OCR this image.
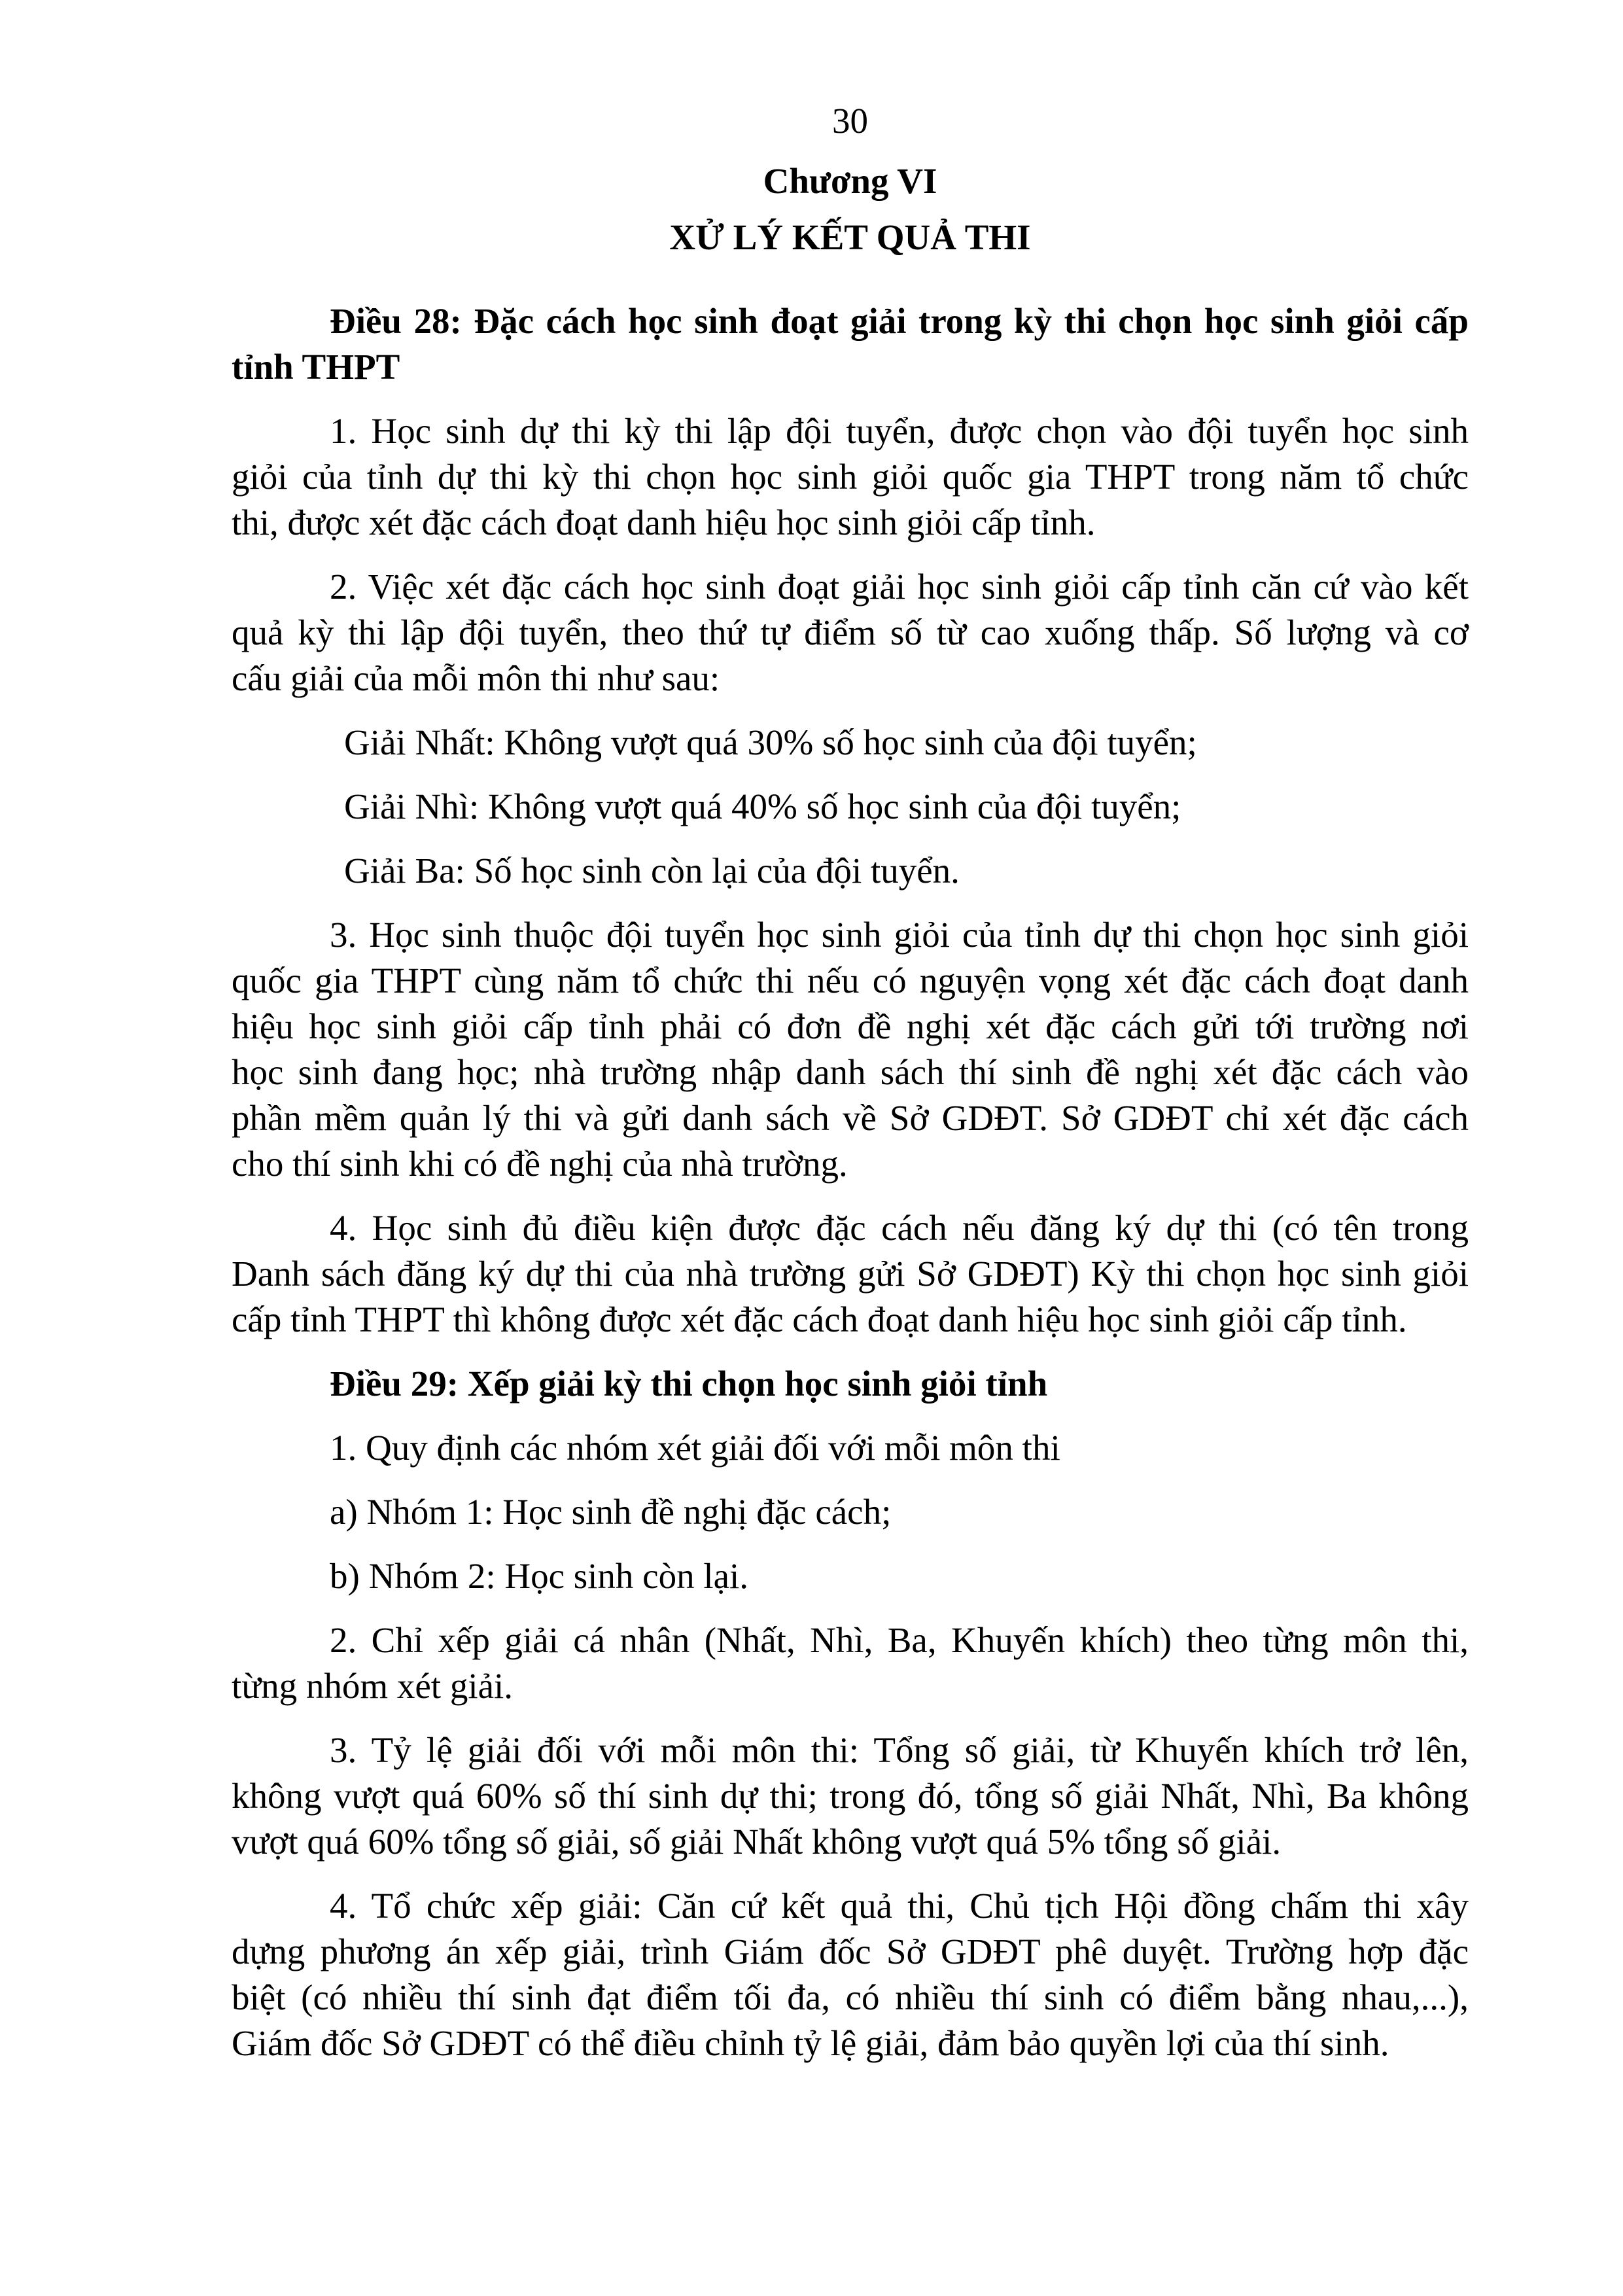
30
Chương VI
XỬ LÝ KẾT QUẢ THI
Điều 28: Đặc cách học sinh đoạt giải trong kỳ thi chọn học sinh giỏi cấp
tỉnh THPT
1. Học sinh dự thi kỳ thi lập đội tuyển, được chọn vào đội tuyển học sinh
giỏi của tỉnh dự thi kỳ thi chọn học sinh giỏi quốc gia THPT trong năm tổ chức
thi, được xét đặc cách đoạt danh hiệu học sinh giỏi cấp tỉnh.
2. Việc xét đặc cách học sinh đoạt giải học sinh giỏi cấp tỉnh căn cứ vào kết
quả kỳ thi lập đội tuyển, theo thứ tự điểm số từ cao xuống thấp. Số lượng và cơ
cấu giải của mỗi môn thi như sau:
Giải Nhất: Không vượt quá 30% số học sinh của đội tuyển;
Giải Nhì: Không vượt quá 40% số học sinh của đội tuyển;
Giải Ba: Số học sinh còn lại của đội tuyển.
3. Học sinh thuộc đội tuyển học sinh giỏi của tỉnh dự thi chọn học sinh giỏi
quốc gia THPT cùng năm tổ chức thi nếu có nguyện vọng xét đặc cách đoạt danh
hiệu học sinh giỏi cấp tỉnh phải có đơn đề nghị xét đặc cách gửi tới trường nơi
học sinh đang học; nhà trường nhập danh sách thí sinh đề nghị xét đặc cách vào
phần mềm quản lý thi và gửi danh sách về Sở GDĐT. Sở GDĐT chỉ xét đặc cách
cho thí sinh khi có đề nghị của nhà trường.
4. Học sinh đủ điều kiện được đặc cách nếu đăng ký dự thi (có tên trong
Danh sách đăng ký dự thi của nhà trường gửi Sở GDĐT) Kỳ thi chọn học sinh giỏi
cấp tỉnh THPT thì không được xét đặc cách đoạt danh hiệu học sinh giỏi cấp tỉnh.
Điều 29: Xếp giải kỳ thi chọn học sinh giỏi tỉnh
1. Quy định các nhóm xét giải đối với mỗi môn thi
a) Nhóm 1: Học sinh đề nghị đặc cách;
b) Nhóm 2: Học sinh còn lại.
2. Chỉ xếp giải cá nhân (Nhất, Nhì, Ba, Khuyến khích) theo từng môn thi,
từng nhóm xét giải.
3. Tỷ lệ giải đối với mỗi môn thi: Tổng số giải, từ Khuyến khích trở lên,
không vượt quá 60% số thí sinh dự thi; trong đó, tổng số giải Nhất, Nhì, Ba không
vượt quá 60% tổng số giải, số giải Nhất không vượt quá 5% tổng số giải.
4. Tổ chức xếp giải: Căn cứ kết quả thi, Chủ tịch Hội đồng chấm thi xây
dựng phương án xếp giải, trình Giám đốc Sở GDĐT phê duyệt. Trường hợp đặc
biệt (có nhiều thí sinh đạt điểm tối đa, có nhiều thí sinh có điểm bằng nhau,...),
Giám đốc Sở GDĐT có thể điều chỉnh tỷ lệ giải, đảm bảo quyền lợi của thí sinh.
